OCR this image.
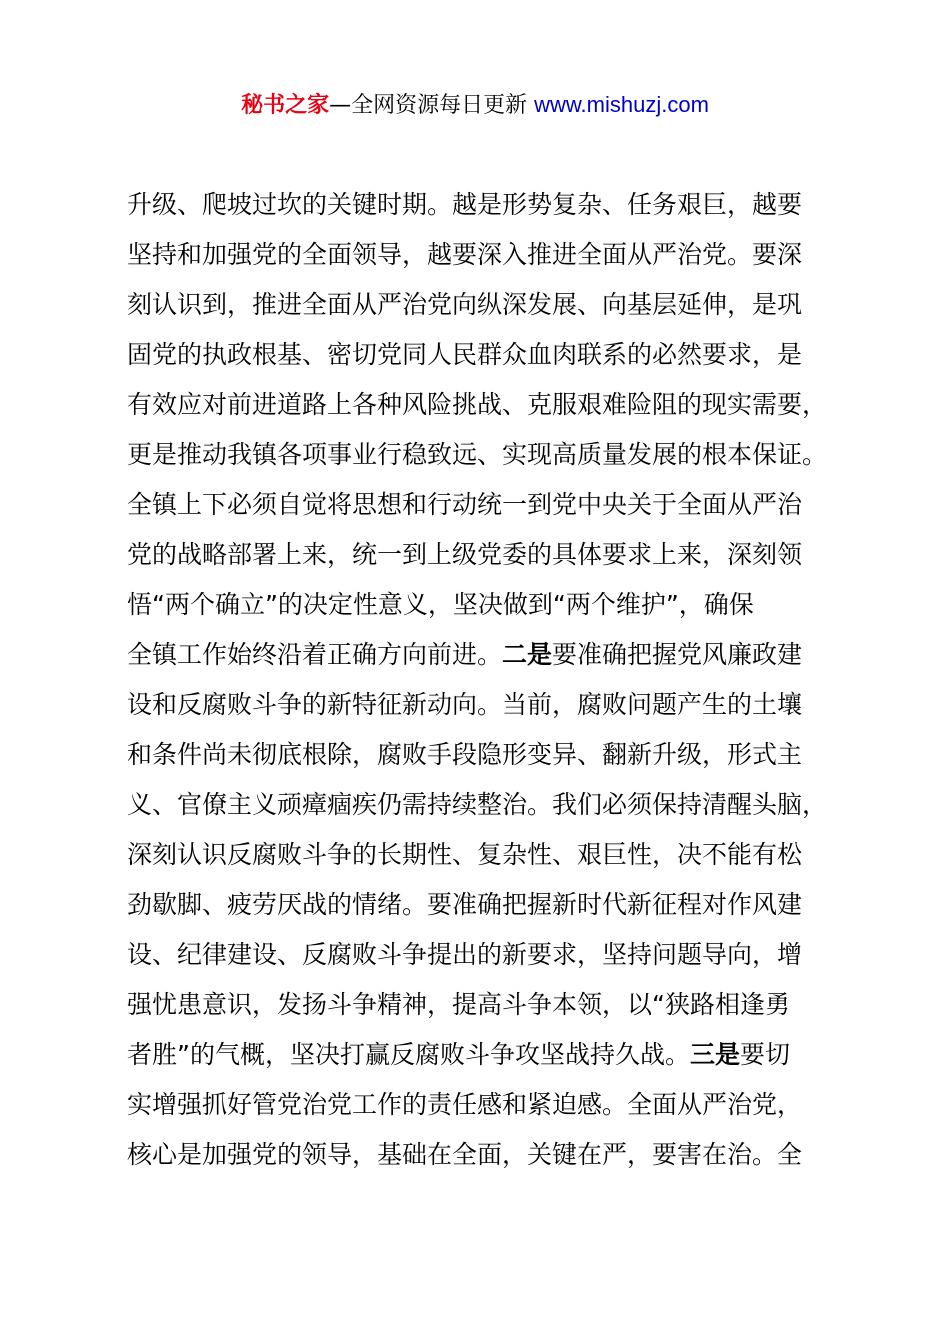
秘书之家—全网资源每日更新 www.mishuzj.com
升级、爬坡过坎的关键时期。越是形势复杂、任务艰巨，越要
坚持和加强党的全面领导，越要深入推进全面从严治党。要深
刻认识到，推进全面从严治党向纵深发展、向基层延伸，是巩
固党的执政根基、密切党同人民群众血肉联系的必然要求，是
有效应对前进道路上各种风险挑战、克服艰难险阻的现实需要，
更是推动我镇各项事业行稳致远、实现高质量发展的根本保证。
全镇上下必须自觉将思想和行动统一到党中央关于全面从严治
党的战略部署上来，统一到上级党委的具体要求上来，深刻领
悟“两个确立”的决定性意义，坚决做到“两个维护”，确保
全镇工作始终沿着正确方向前进。二是要准确把握党风廉政建
设和反腐败斗争的新特征新动向。当前，腐败问题产生的土壤
和条件尚未彻底根除，腐败手段隐形变异、翻新升级，形式主
义、官僚主义顽瘴痼疾仍需持续整治。我们必须保持清醒头脑，
深刻认识反腐败斗争的长期性、复杂性、艰巨性，决不能有松
劲歇脚、疲劳厌战的情绪。要准确把握新时代新征程对作风建
设、纪律建设、反腐败斗争提出的新要求，坚持问题导向，增
强忧患意识，发扬斗争精神，提高斗争本领，以“狭路相逢勇
者胜”的气概，坚决打赢反腐败斗争攻坚战持久战。三是要切
实增强抓好管党治党工作的责任感和紧迫感。全面从严治党，
核心是加强党的领导，基础在全面，关键在严，要害在治。全
